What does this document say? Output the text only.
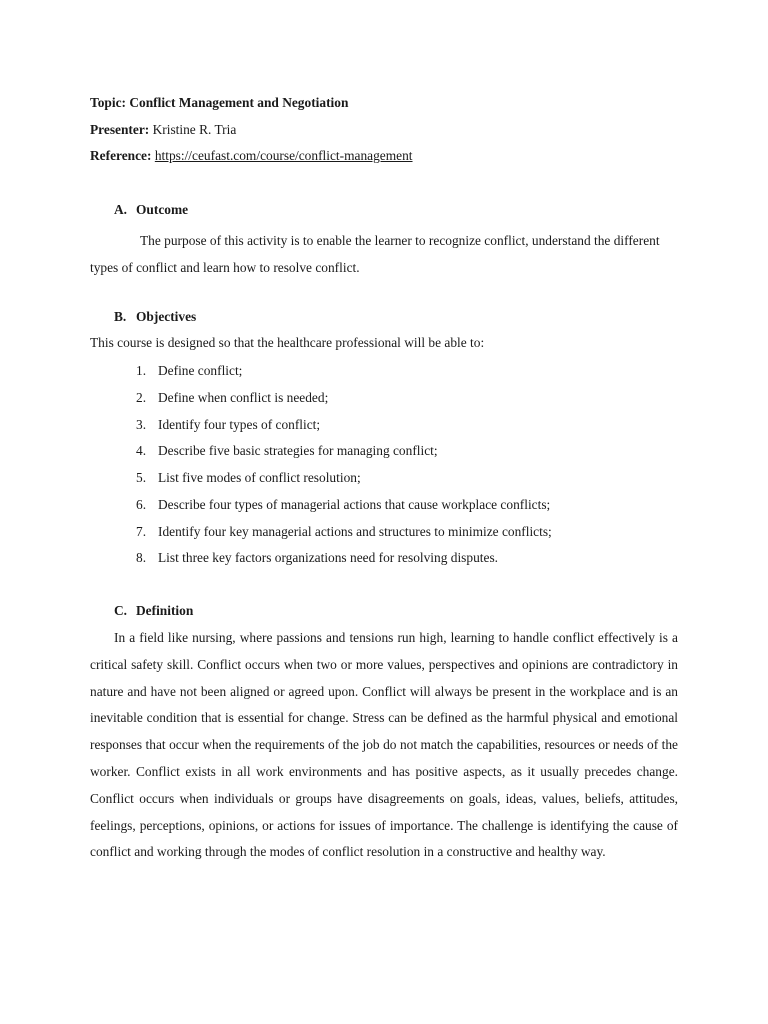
Topic: Conflict Management and Negotiation
Presenter: Kristine R. Tria
Reference: https://ceufast.com/course/conflict-management
A. Outcome

The purpose of this activity is to enable the learner to recognize conflict, understand the different types of conflict and learn how to resolve conflict.

B. Objectives
This course is designed so that the healthcare professional will be able to:
1. Define conflict;
2. Define when conflict is needed;
3. Identify four types of conflict;
4. Describe five basic strategies for managing conflict;
5. List five modes of conflict resolution;
6. Describe four types of managerial actions that cause workplace conflicts;
7. Identify four key managerial actions and structures to minimize conflicts;
8. List three key factors organizations need for resolving disputes.
C. Definition

In a field like nursing, where passions and tensions run high, learning to handle conflict effectively is a critical safety skill. Conflict occurs when two or more values, perspectives and opinions are contradictory in nature and have not been aligned or agreed upon. Conflict will always be present in the workplace and is an inevitable condition that is essential for change. Stress can be defined as the harmful physical and emotional responses that occur when the requirements of the job do not match the capabilities, resources or needs of the worker. Conflict exists in all work environments and has positive aspects, as it usually precedes change. Conflict occurs when individuals or groups have disagreements on goals, ideas, values, beliefs, attitudes, feelings, perceptions, opinions, or actions for issues of importance. The challenge is identifying the cause of conflict and working through the modes of conflict resolution in a constructive and healthy way.
